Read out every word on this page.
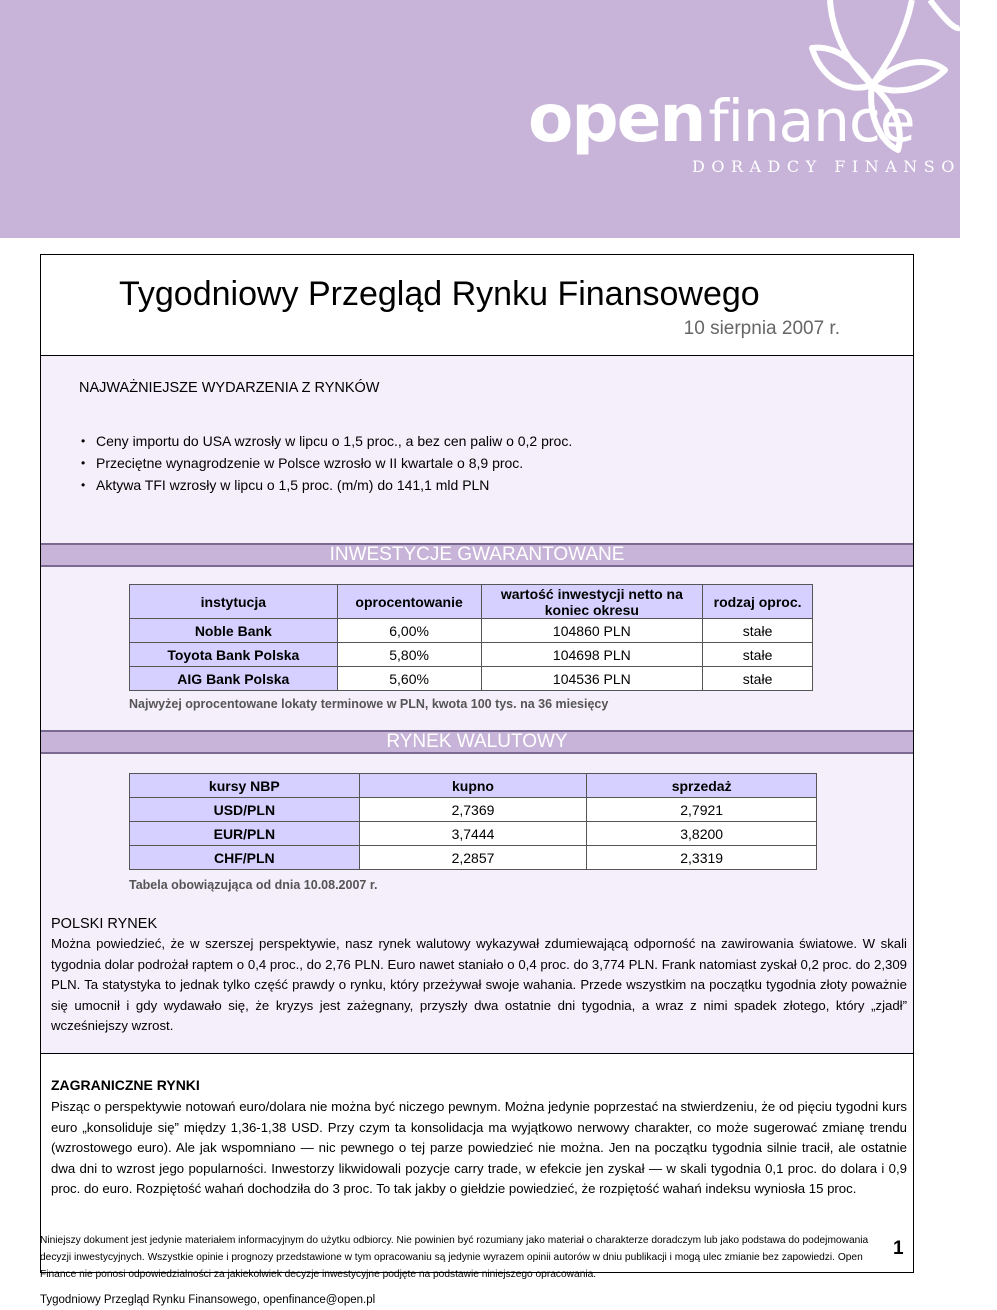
openfinance
DORADCY FINANSOWI
Tygodniowy Przegląd Rynku Finansowego
10 sierpnia 2007 r.
NAJWAŻNIEJSZE WYDARZENIA Z RYNKÓW
• Ceny importu do USA wzrosły w lipcu o 1,5 proc., a bez cen paliw o 0,2 proc.
• Przeciętne wynagrodzenie w Polsce wzrosło w II kwartale o 8,9 proc.
• Aktywa TFI wzrosły w lipcu o 1,5 proc. (m/m) do 141,1 mld PLN
INWESTYCJE GWARANTOWANE
instytucja	oprocentowanie	wartość inwestycji netto na koniec okresu	rodzaj oproc.
Noble Bank	6,00%	104860 PLN	stałe
Toyota Bank Polska	5,80%	104698 PLN	stałe
AIG Bank Polska	5,60%	104536 PLN	stałe
Najwyżej oprocentowane lokaty terminowe w PLN, kwota 100 tys. na 36 miesięcy
RYNEK WALUTOWY
kursy NBP	kupno	sprzedaż
USD/PLN	2,7369	2,7921
EUR/PLN	3,7444	3,8200
CHF/PLN	2,2857	2,3319
Tabela obowiązująca od dnia 10.08.2007 r.
POLSKI RYNEK
Można powiedzieć, że w szerszej perspektywie, nasz rynek walutowy wykazywał zdumiewającą odporność na zawirowania światowe. W skali tygodnia dolar podrożał raptem o 0,4 proc., do 2,76 PLN. Euro nawet staniało o 0,4 proc. do 3,774 PLN. Frank natomiast zyskał 0,2 proc. do 2,309 PLN. Ta statystyka to jednak tylko część prawdy o rynku, który przeżywał swoje wahania. Przede wszystkim na początku tygodnia złoty poważnie się umocnił i gdy wydawało się, że kryzys jest zażegnany, przyszły dwa ostatnie dni tygodnia, a wraz z nimi spadek złotego, który „zjadł” wcześniejszy wzrost.
ZAGRANICZNE RYNKI
Pisząc o perspektywie notowań euro/dolara nie można być niczego pewnym. Można jedynie poprzestać na stwierdzeniu, że od pięciu tygodni kurs euro „konsoliduje się” między 1,36-1,38 USD. Przy czym ta konsolidacja ma wyjątkowo nerwowy charakter, co może sugerować zmianę trendu (wzrostowego euro). Ale jak wspomniano — nic pewnego o tej parze powiedzieć nie można. Jen na początku tygodnia silnie tracił, ale ostatnie dwa dni to wzrost jego popularności. Inwestorzy likwidowali pozycje carry trade, w efekcie jen zyskał — w skali tygodnia 0,1 proc. do dolara i 0,9 proc. do euro. Rozpiętość wahań dochodziła do 3 proc. To tak jakby o giełdzie powiedzieć, że rozpiętość wahań indeksu wyniosła 15 proc.
Niniejszy dokument jest jedynie materiałem informacyjnym do użytku odbiorcy. Nie powinien być rozumiany jako materiał o charakterze doradczym lub jako podstawa do podejmowania decyzji inwestycyjnych. Wszystkie opinie i prognozy przedstawione w tym opracowaniu są jedynie wyrazem opinii autorów w dniu publikacji i mogą ulec zmianie bez zapowiedzi. Open Finance nie ponosi odpowiedzialności za jakiekolwiek decyzje inwestycyjne podjęte na podstawie niniejszego opracowania.
1
Tygodniowy Przegląd Rynku Finansowego, openfinance@open.pl
